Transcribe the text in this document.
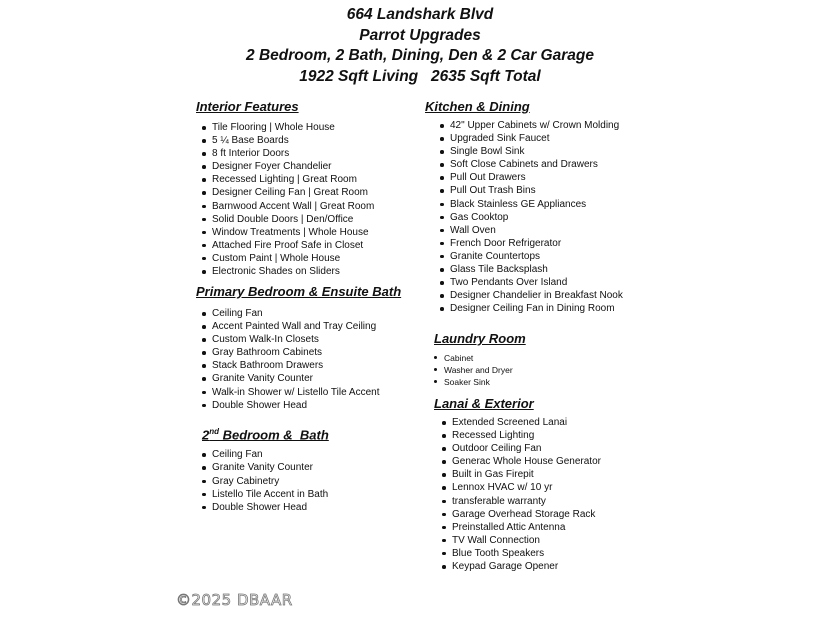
664 Landshark Blvd
Parrot Upgrades
2 Bedroom, 2 Bath, Dining, Den & 2 Car Garage
1922 Sqft Living   2635 Sqft Total
Interior Features
Tile Flooring | Whole House
5 ¼ Base Boards
8 ft Interior Doors
Designer Foyer Chandelier
Recessed Lighting | Great Room
Designer Ceiling Fan | Great Room
Barnwood Accent Wall | Great Room
Solid Double Doors | Den/Office
Window Treatments | Whole House
Attached Fire Proof Safe in Closet
Custom Paint | Whole House
Electronic Shades on Sliders
Primary Bedroom & Ensuite Bath
Ceiling Fan
Accent Painted Wall and Tray Ceiling
Custom Walk-In Closets
Gray Bathroom Cabinets
Stack Bathroom Drawers
Granite Vanity Counter
Walk-in Shower w/ Listello Tile Accent
Double Shower Head
2nd Bedroom &  Bath
Ceiling Fan
Granite Vanity Counter
Gray Cabinetry
Listello Tile Accent in Bath
Double Shower Head
Kitchen & Dining
42" Upper Cabinets w/ Crown Molding
Upgraded Sink Faucet
Single Bowl Sink
Soft Close Cabinets and Drawers
Pull Out Drawers
Pull Out Trash Bins
Black Stainless GE Appliances
Gas Cooktop
Wall Oven
French Door Refrigerator
Granite Countertops
Glass Tile Backsplash
Two Pendants Over Island
Designer Chandelier in Breakfast Nook
Designer Ceiling Fan in Dining Room
Laundry Room
Cabinet
Washer and Dryer
Soaker Sink
Lanai & Exterior
Extended Screened Lanai
Recessed Lighting
Outdoor Ceiling Fan
Generac Whole House Generator
Built in Gas Firepit
Lennox HVAC w/ 10 yr
transferable warranty
Garage Overhead Storage Rack
Preinstalled Attic Antenna
TV Wall Connection
Blue Tooth Speakers
Keypad Garage Opener
©2025 DBAAR
